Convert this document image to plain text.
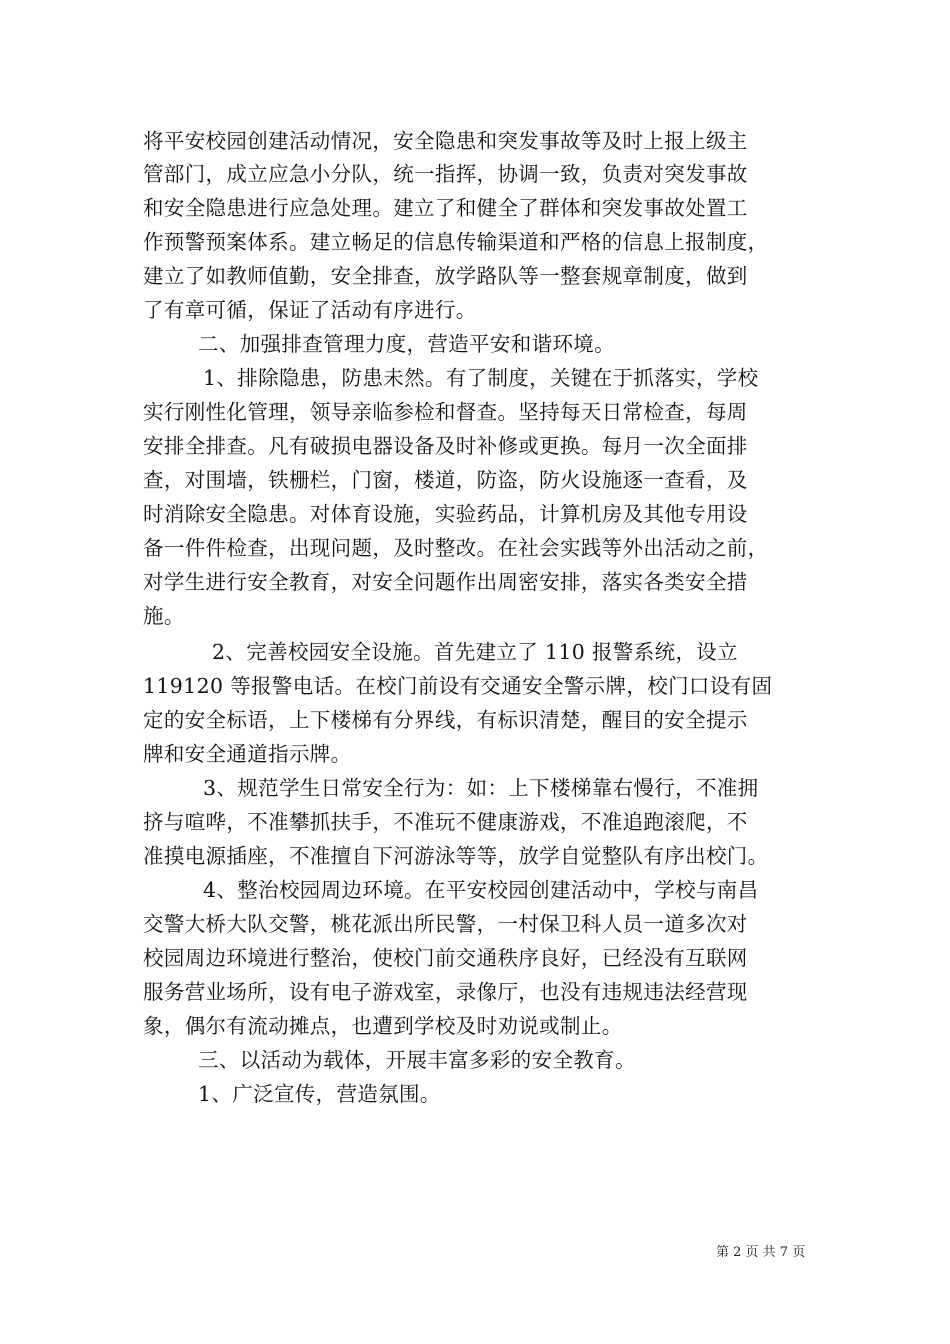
将平安校园创建活动情况，安全隐患和突发事故等及时上报上级主
管部门，成立应急小分队，统一指挥，协调一致，负责对突发事故
和安全隐患进行应急处理。建立了和健全了群体和突发事故处置工
作预警预案体系。建立畅足的信息传输渠道和严格的信息上报制度，
建立了如教师值勤，安全排查，放学路队等一整套规章制度，做到
了有章可循，保证了活动有序进行。
二、加强排查管理力度，营造平安和谐环境。
1、排除隐患，防患未然。有了制度，关键在于抓落实，学校
实行刚性化管理，领导亲临参检和督查。坚持每天日常检查，每周
安排全排查。凡有破损电器设备及时补修或更换。每月一次全面排
查，对围墙，铁栅栏，门窗，楼道，防盗，防火设施逐一查看，及
时消除安全隐患。对体育设施，实验药品，计算机房及其他专用设
备一件件检查，出现问题，及时整改。在社会实践等外出活动之前，
对学生进行安全教育，对安全问题作出周密安排，落实各类安全措
施。
2、完善校园安全设施。首先建立了 110 报警系统，设立
119120 等报警电话。在校门前设有交通安全警示牌，校门口设有固
定的安全标语，上下楼梯有分界线，有标识清楚，醒目的安全提示
牌和安全通道指示牌。
3、规范学生日常安全行为：如：上下楼梯靠右慢行，不准拥
挤与喧哗，不准攀抓扶手，不准玩不健康游戏，不准追跑滚爬，不
准摸电源插座，不准擅自下河游泳等等，放学自觉整队有序出校门。
4、整治校园周边环境。在平安校园创建活动中，学校与南昌
交警大桥大队交警，桃花派出所民警，一村保卫科人员一道多次对
校园周边环境进行整治，使校门前交通秩序良好，已经没有互联网
服务营业场所，设有电子游戏室，录像厅，也没有违规违法经营现
象，偶尔有流动摊点，也遭到学校及时劝说或制止。
三、以活动为载体，开展丰富多彩的安全教育。
1、广泛宣传，营造氛围。
第 2 页 共 7 页
